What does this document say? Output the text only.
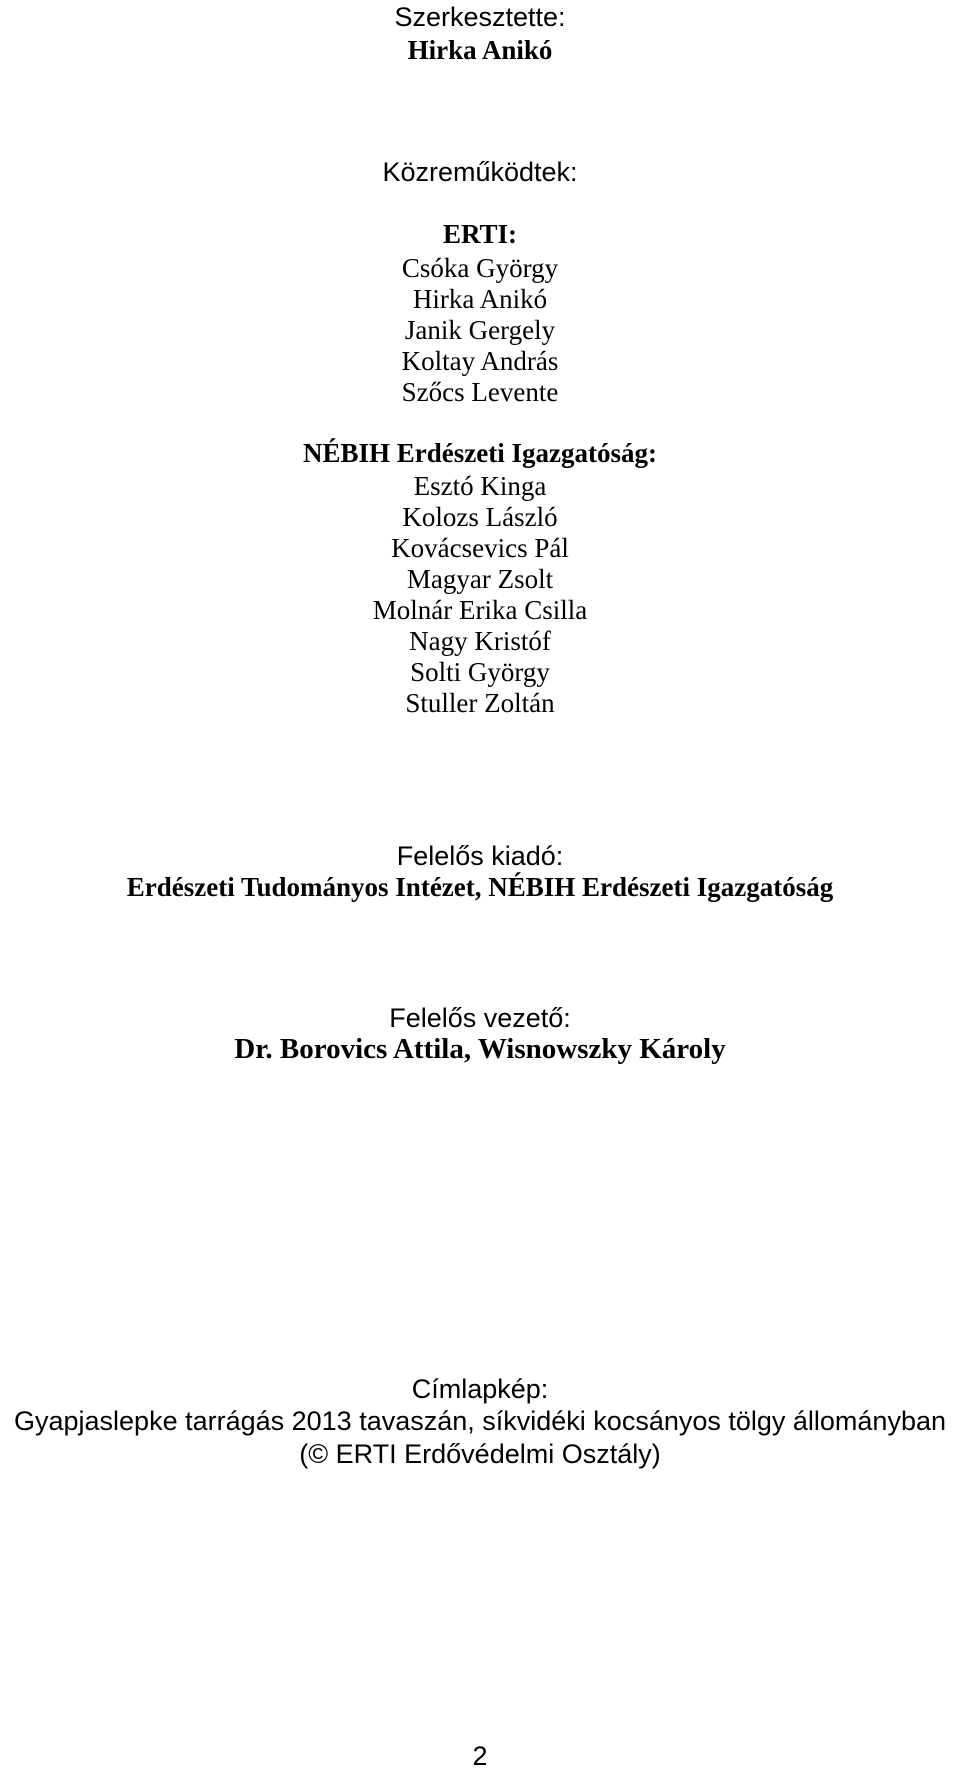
Szerkesztette:
Hirka Anikó
Közreműködtek:
ERTI:
Csóka György
Hirka Anikó
Janik Gergely
Koltay András
Szőcs Levente
NÉBIH Erdészeti Igazgatóság:
Esztó Kinga
Kolozs László
Kovácsevics Pál
Magyar Zsolt
Molnár Erika Csilla
Nagy Kristóf
Solti György
Stuller Zoltán
Felelős kiadó:
Erdészeti Tudományos Intézet, NÉBIH Erdészeti Igazgatóság
Felelős vezető:
Dr. Borovics Attila, Wisnowszky Károly
Címlapkép:
Gyapjaslepke tarrágás 2013 tavaszán, síkvidéki kocsányos tölgy állományban
(© ERTI Erdővédelmi Osztály)
2
